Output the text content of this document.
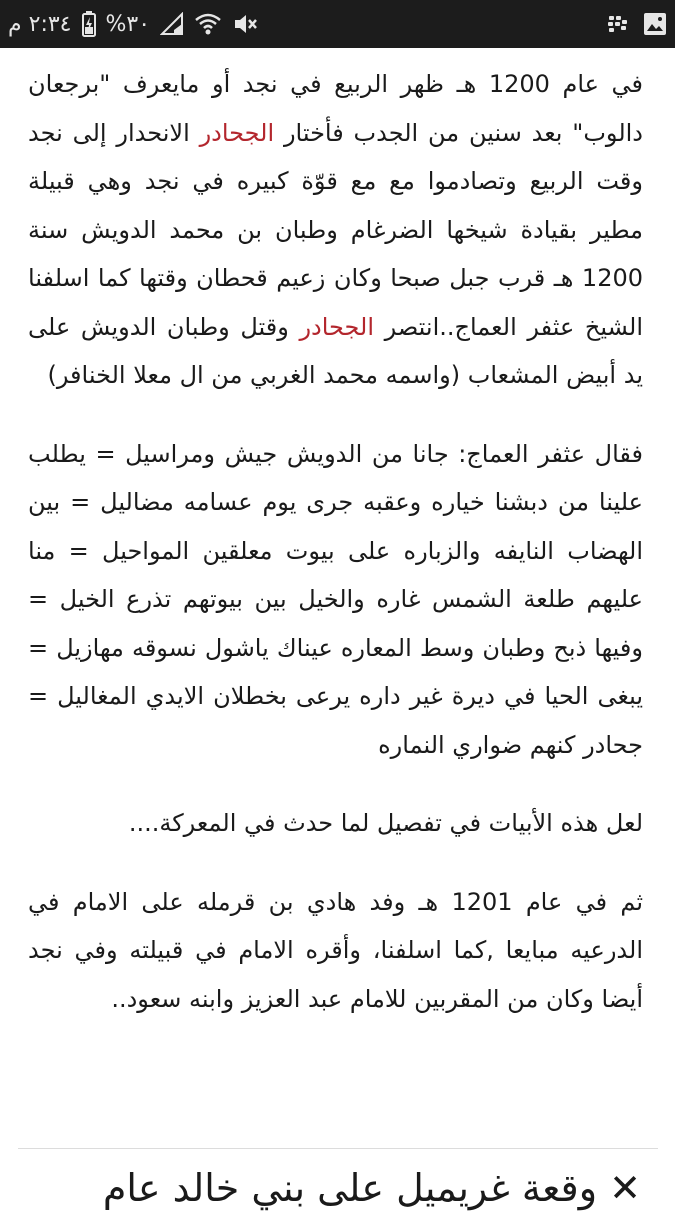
٢:٣٤ م %٣٠

في عام 1200 هـ ظهر الربيع في نجد أو مايعرف "برجعان دالوب" بعد سنين من الجدب فأختار الجحادر الانحدار إلى نجد وقت الربيع وتصادموا مع مع قوّة كبيره في نجد وهي قبيلة مطير بقيادة شيخها الضرغام وطبان بن محمد الدويش سنة 1200 هـ قرب جبل صبحا وكان زعيم قحطان وقتها كما اسلفنا الشيخ عثفر العماج..انتصر الجحادر وقتل وطبان الدويش على يد أبيض المشعاب (واسمه محمد الغربي من ال معلا الخنافر)

فقال عثفر العماج: جانا من الدويش جيش ومراسيل = يطلب علينا من دبشنا خياره وعقبه جرى يوم عسامه مضاليل = بين الهضاب النايفه والزباره على بيوت معلقين المواحيل = منا عليهم طلعة الشمس غاره والخيل بين بيوتهم تذرع الخيل = وفيها ذبح وطبان وسط المعاره عيناك ياشول نسوقه مهازيل = يبغى الحيا في ديرة غير داره يرعى بخطلان الايدي المغاليل = جحادر كنهم ضواري النماره

لعل هذه الأبيات في تفصيل لما حدث في المعركة....

ثم في عام 1201 هـ وفد هادي بن قرمله على الامام في الدرعيه مبايعا ,كما اسلفنا، وأقره الامام في قبيلته وفي نجد أيضا وكان من المقربين للامام عبد العزيز وابنه سعود..

✕ وقعة غريميل على بني خالد عام
